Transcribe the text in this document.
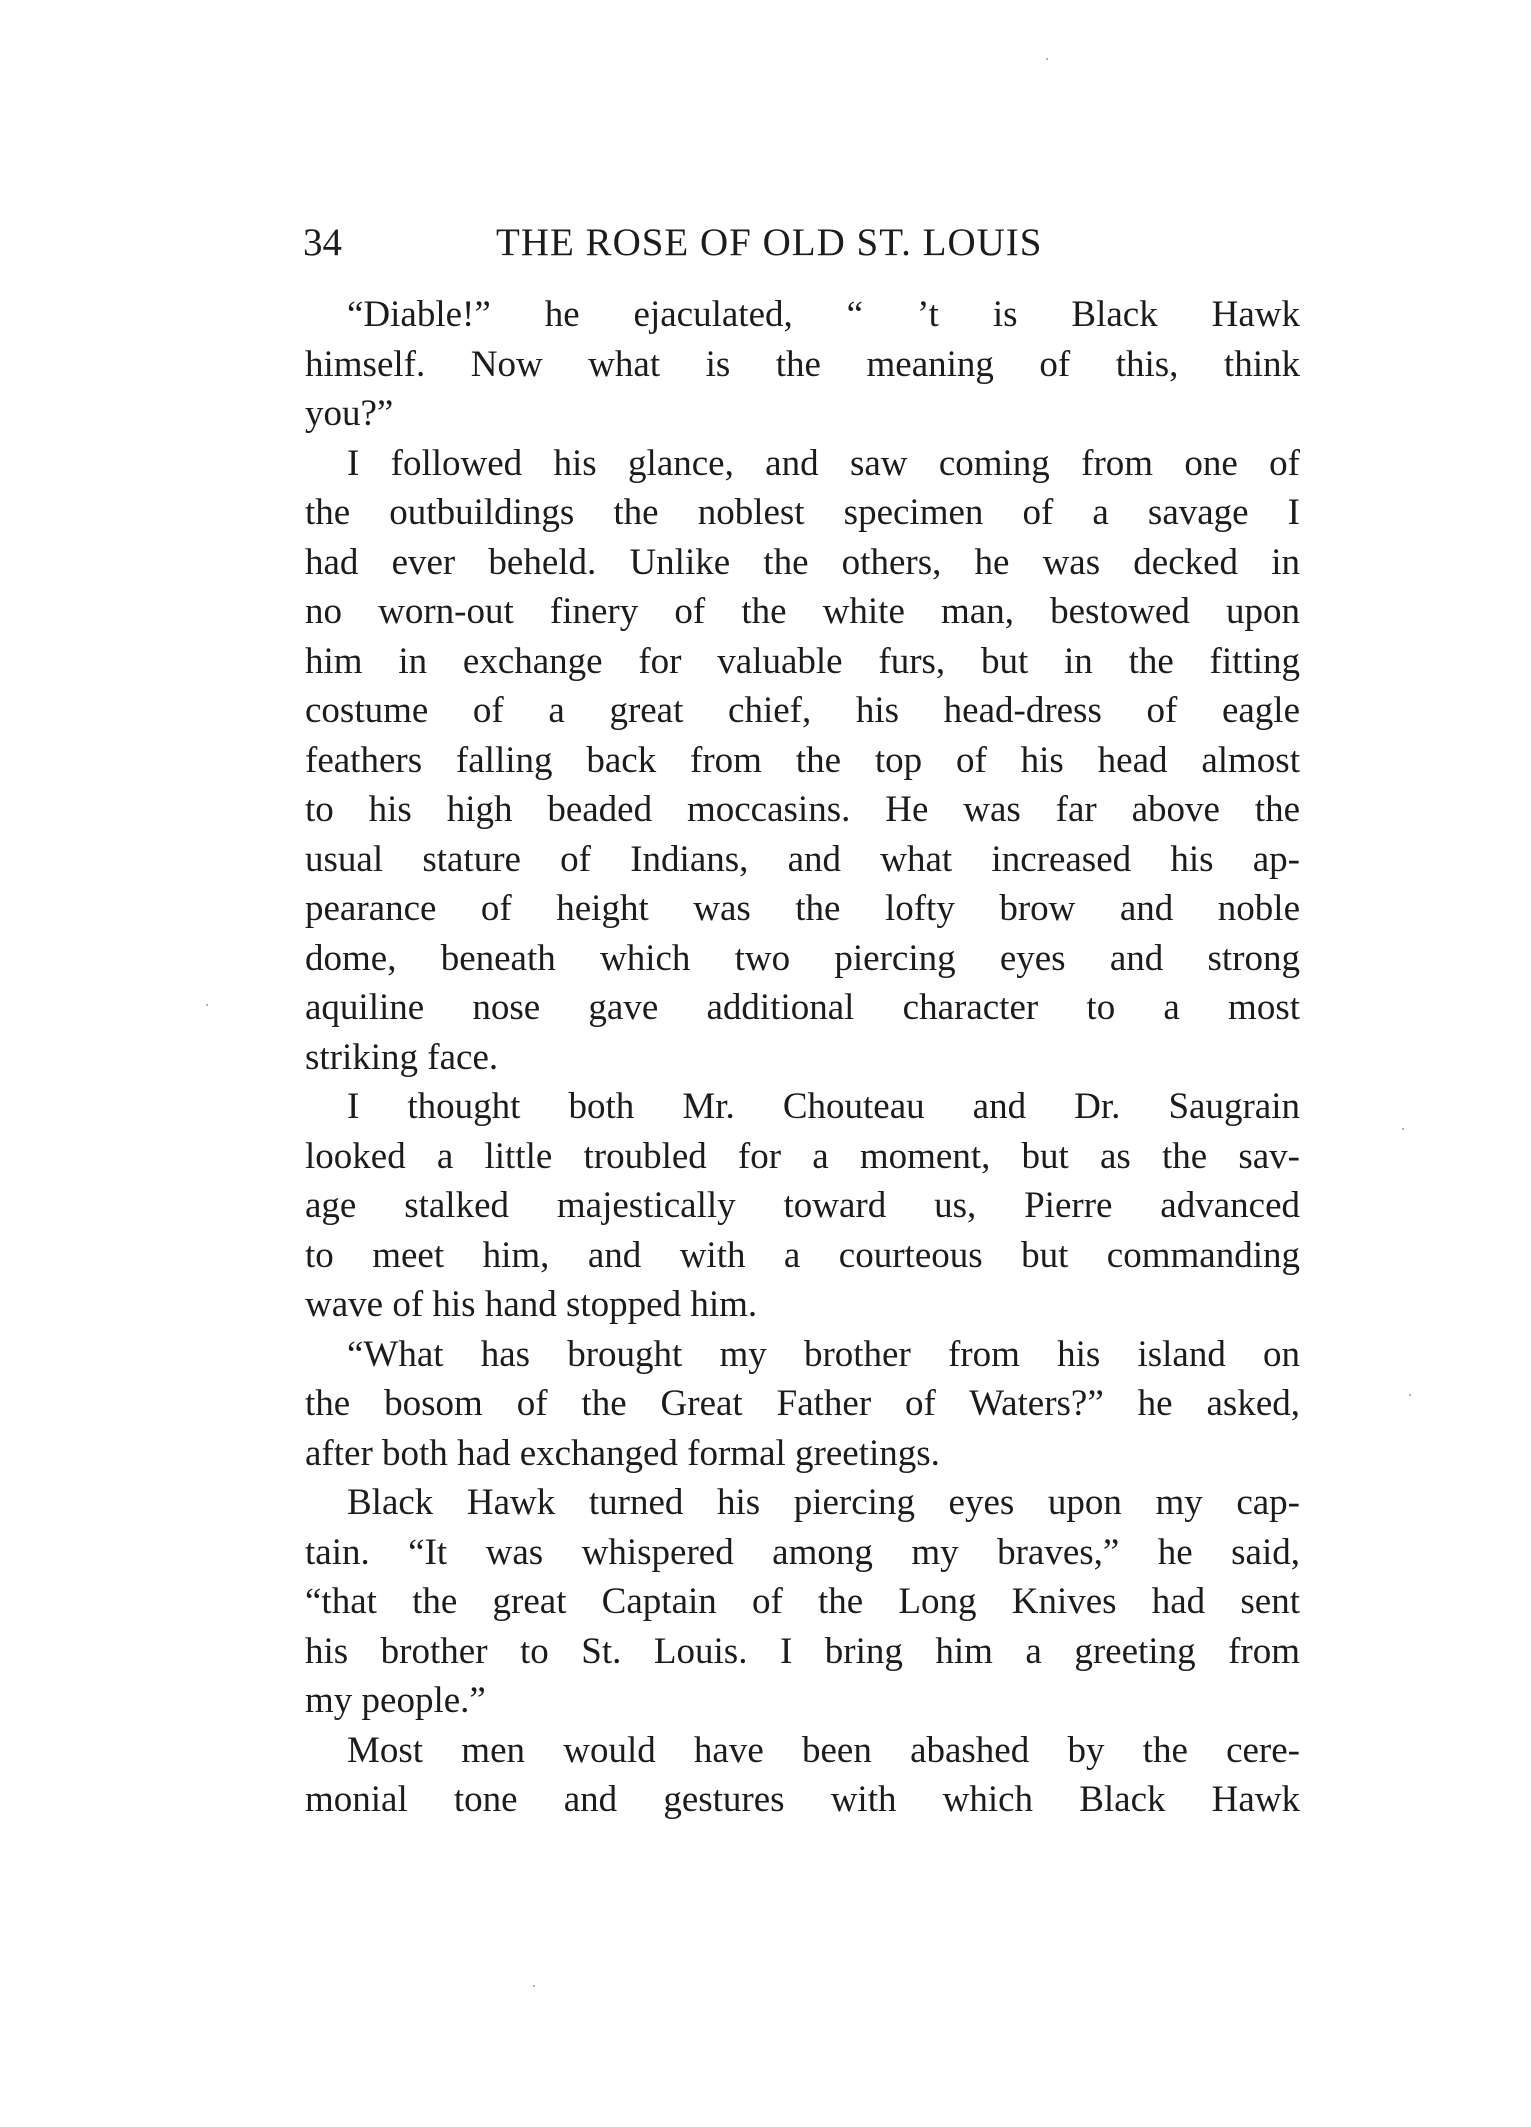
34	THE ROSE OF OLD ST. LOUIS

“Diable!” he ejaculated, “ ’t is Black Hawk
himself. Now what is the meaning of this, think
you?”

I followed his glance, and saw coming from one of
the outbuildings the noblest specimen of a savage I
had ever beheld. Unlike the others, he was decked in
no worn-out finery of the white man, bestowed upon
him in exchange for valuable furs, but in the fitting
costume of a great chief, his head-dress of eagle
feathers falling back from the top of his head almost
to his high beaded moccasins. He was far above the
usual stature of Indians, and what increased his ap-
pearance of height was the lofty brow and noble
dome, beneath which two piercing eyes and strong
aquiline nose gave additional character to a most
striking face.

I thought both Mr. Chouteau and Dr. Saugrain
looked a little troubled for a moment, but as the sav-
age stalked majestically toward us, Pierre advanced
to meet him, and with a courteous but commanding
wave of his hand stopped him.

“What has brought my brother from his island on
the bosom of the Great Father of Waters?” he asked,
after both had exchanged formal greetings.

Black Hawk turned his piercing eyes upon my cap-
tain. “It was whispered among my braves,” he said,
“that the great Captain of the Long Knives had sent
his brother to St. Louis. I bring him a greeting from
my people.”

Most men would have been abashed by the cere-
monial tone and gestures with which Black Hawk
